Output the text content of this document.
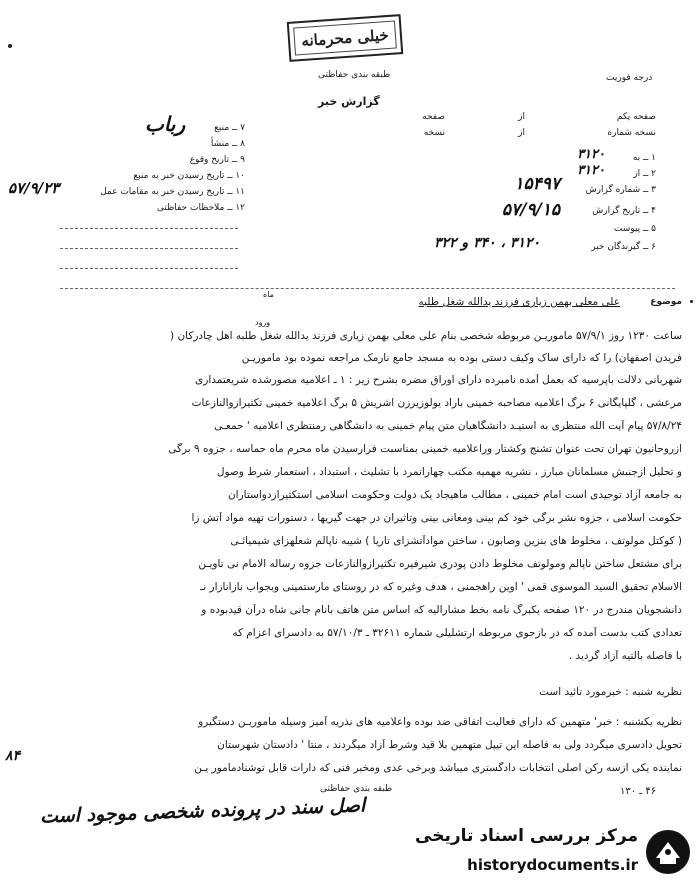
خیلی محرمانه
طبقه بندی حفاظتی
گزارش خبر
درجه فوریت
۷ ــ منبع
رباب
۸ ــ منشأ
۹ ــ تاریخ وقوع
۱۰ ــ تاریخ رسیدن خبر به منبع
۱۱ ــ تاریخ رسیدن خبر به مقامات عمل
۵۷/۹/۲۳
۱۲ ــ ملاحظات حفاظتی
صفحه یکم
از
صفحه
نسخه شماره
از
نسخه
۱ ــ به
۳۱۲۰
۲ ــ از
۳۱۲۰
۳ ــ شماره گزارش
۱۵۴۹۷
۴ ــ تاریخ گزارش
۵۷/۹/۱۵
۵ ــ پیوست
۶ ــ گیرندگان خبر
۳۱۲۰ ، ۳۴۰ و ۳۲۲
موضوع
علی معلی بهمن زیاری فرزند یدالله شغل طلبه
ماه
ورود
ساعت ۱۲۳۰ روز ۵۷/۹/۱ ماموریـن مربوطه شخصی بنام علی معلی بهمن زیاری فرزند یدالله شغل طلبه اهل چادرکان (
فریدن اصفهان) را که دارای ساک وکیف دستی بوده به مسجد جامع نارمک مراجعه نموده بود ماموریـن
شهربانی دلالت باپرسیه که بعمل آمده نامبرده دارای اوراق مضره بشرح زیر : ۱ ـ اعلامیه مصورشده شریعتمداری
مرعشی ، گلپایگانی ۶ برگ اعلامیه مصاحبه خمینی باراد یولوزیرزن اشریش ۵ برگ اعلامیه خمینی تکثیرازوالنازعات
۵۷/۸/۲۴ پیام آیت الله منتظری به استیـد دانشگاهیان متن پیام خمینی به دانشگاهی رمنتظری اعلامیه ' حمعـی
ازروحانیون تهران تحت عنوان تشنج وکشتار وراعلامیه خمینی بمناسبت فرارسیدن ماه محرم ماه حماسه ، جزوه ۹ برگی
و تحلیل ازجنبش مسلمانان مبارز ، نشریه مهمیه مکتب چهارانمرد با تشلیث ، استبداد ، استعمار شرط وصول
به جامعه آزاد توحیدی است امام خمینی ، مطالب ماهیجاد یک دولت وحکومت اسلامی استکثیرازدواستاران
حکومت اسلامی ، جزوه نشر برگی خود کم بینی ومعانی بینی وتاثیران در جهت گیریها ، دستورات تهیه مواد آتش زا
( کوکتل مولوتف ، مخلوط های بنزین وصابون ، ساختن موادآتشزای تاریا ) شیبه ناپالم شعلهزای شیمیائـی
برای مشتعل ساختن ناپالم ومولوتف مخلوط دادن پودری شیرفیره تکثیرازوالنازعات جزوه رساله الامام نی تاویـن
الاسلام تحقیق السید الموسوی قمی ' اوین راهجمنی ، هدف وغیره که در روستای مارستمینی وبجواب نازانازار نـ
دانشجویان مندرج در ۱۲۰ صفحه یکبرگ نامه بخط مشاراليه که اساس متن هاتف بانام جانی شاه درآن قیدبوده و
تعدادی کتب بدست آمده که در بازجوی مربوطه ارتشلیلی شماره ۳۲۶۱۱ ـ ۵۷/۱۰/۳ به دادسرای اعزام که
با فاصله بالتیه آزاد گردید .
نظریه شنبه : خبرمورد تائید است
نظریه یکشنبه : خبر' متهمین که دارای فعالیت اتفاقی ضد بوده واعلامیه های نذریه آمیز وسیله ماموریـن دستگیرو
تحویل دادسری میگردد ولی به فاصله این تیپل متهمین بلا قید وشرط آزاد میگردند ، منتا ' دادستان شهرستان
نماینده یکی ازسه رکن اصلی انتخابات دادگستری میباشد وبرخی عدی ومخبر فنی که دارات قابل توشنادمامور یـن
طبقه بندی حفاظتی	۴۶ ـ ۱۳۰
اصل سند در پرونده شخصی موجود است
۸۴
مرکز بررسی اسناد تاریخی
historydocuments.ir
